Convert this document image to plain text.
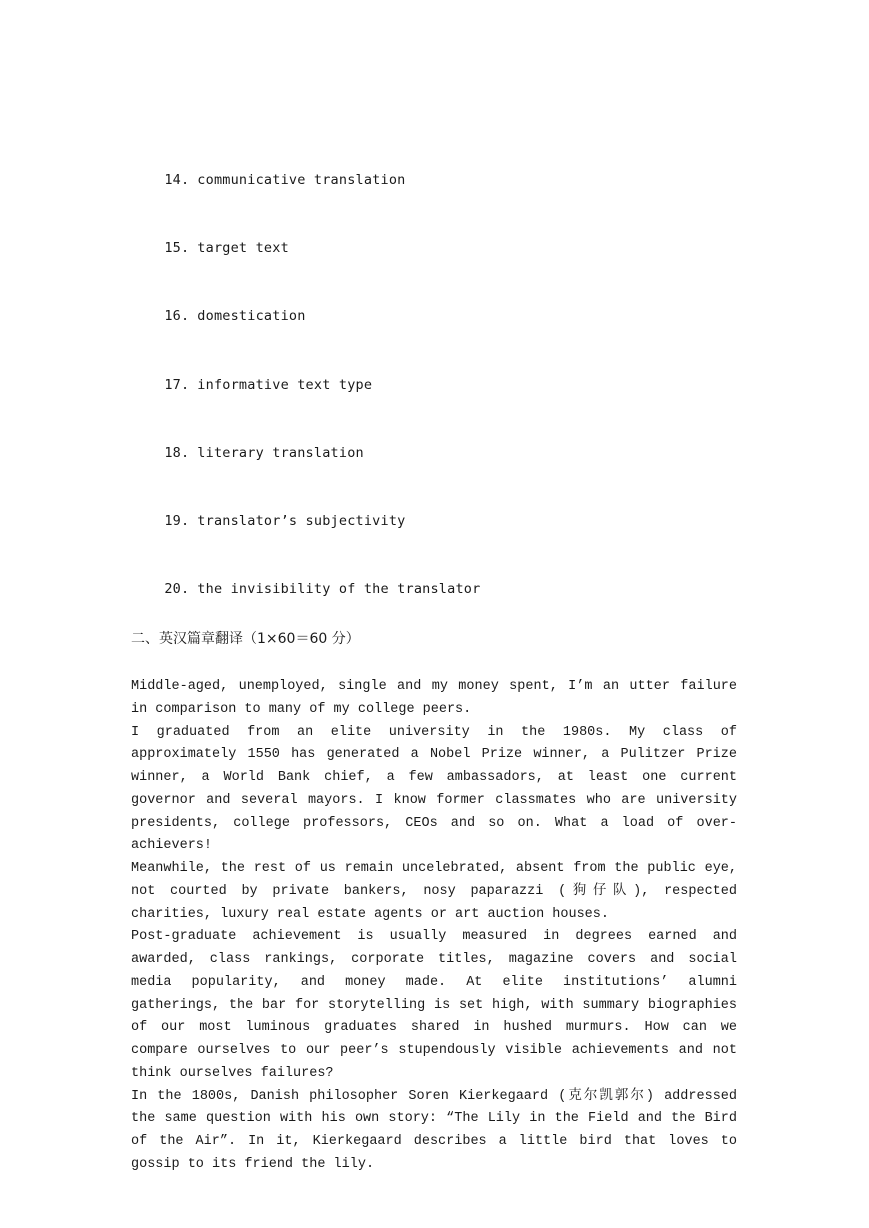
14. communicative translation

15. target text

16. domestication

17. informative text type

18. literary translation

19. translator’s subjectivity

20. the invisibility of the translator

二、英汉篇章翻译（1×60＝60 分）

Middle-aged, unemployed, single and my money spent, I’m an utter failure in comparison to many of my college peers.

I graduated from an elite university in the 1980s. My class of approximately 1550 has generated a Nobel Prize winner, a Pulitzer Prize winner, a World Bank chief, a few ambassadors, at least one current governor and several mayors. I know former classmates who are university presidents, college professors, CEOs and so on. What a load of over-achievers!

Meanwhile, the rest of us remain uncelebrated, absent from the public eye, not courted by private bankers, nosy paparazzi (狗仔队), respected charities, luxury real estate agents or art auction houses.

Post-graduate achievement is usually measured in degrees earned and awarded, class rankings, corporate titles, magazine covers and social media popularity, and money made. At elite institutions’ alumni gatherings, the bar for storytelling is set high, with summary biographies of our most luminous graduates shared in hushed murmurs. How can we compare ourselves to our peer’s stupendously visible achievements and not think ourselves failures?

In the 1800s, Danish philosopher Soren Kierkegaard (克尔凯郭尔) addressed the same question with his own story: “The Lily in the Field and the Bird of the Air”. In it, Kierkegaard describes a little bird that loves to gossip to its friend the lily.
